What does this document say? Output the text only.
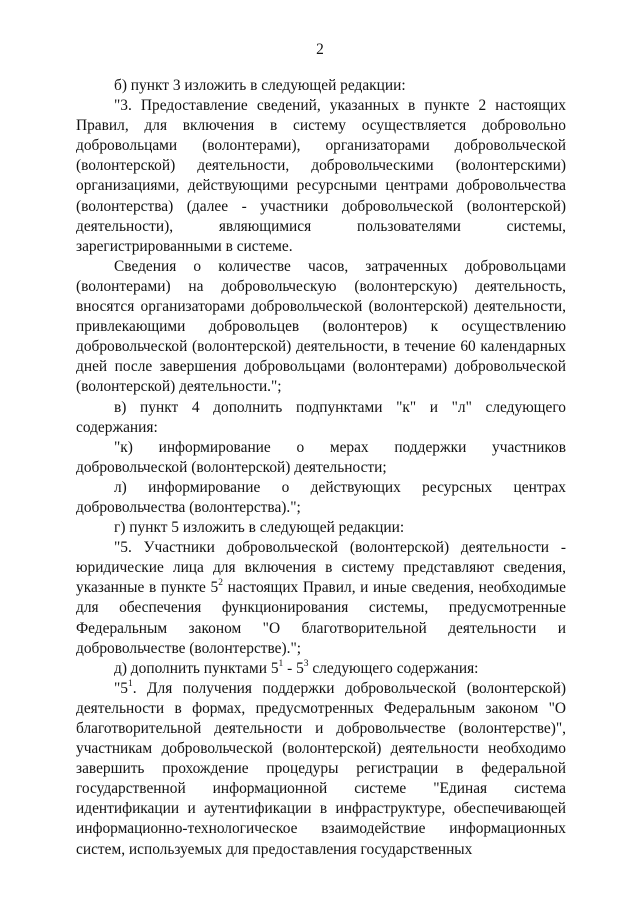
2

б) пункт 3 изложить в следующей редакции:

"3. Предоставление сведений, указанных в пункте 2 настоящих Правил, для включения в систему осуществляется добровольно добровольцами (волонтерами), организаторами добровольческой (волонтерской) деятельности, добровольческими (волонтерскими) организациями, действующими ресурсными центрами добровольчества (волонтерства) (далее - участники добровольческой (волонтерской) деятельности), являющимися пользователями системы, зарегистрированными в системе.

Сведения о количестве часов, затраченных добровольцами (волонтерами) на добровольческую (волонтерскую) деятельность, вносятся организаторами добровольческой (волонтерской) деятельности, привлекающими добровольцев (волонтеров) к осуществлению добровольческой (волонтерской) деятельности, в течение 60 календарных дней после завершения добровольцами (волонтерами) добровольческой (волонтерской) деятельности.";

в) пункт 4 дополнить подпунктами "к" и "л" следующего содержания:

"к) информирование о мерах поддержки участников добровольческой (волонтерской) деятельности;

л) информирование о действующих ресурсных центрах добровольчества (волонтерства).";

г) пункт 5 изложить в следующей редакции:

"5. Участники добровольческой (волонтерской) деятельности - юридические лица для включения в систему представляют сведения, указанные в пункте $5^2$ настоящих Правил, и иные сведения, необходимые для обеспечения функционирования системы, предусмотренные Федеральным законом "О благотворительной деятельности и добровольчестве (волонтерстве).";

д) дополнить пунктами $5^1 - 5^3$ следующего содержания:

"$5^1$. Для получения поддержки добровольческой (волонтерской) деятельности в формах, предусмотренных Федеральным законом "О благотворительной деятельности и добровольчестве (волонтерстве)", участникам добровольческой (волонтерской) деятельности необходимо завершить прохождение процедуры регистрации в федеральной государственной информационной системе "Единая система идентификации и аутентификации в инфраструктуре, обеспечивающей информационно-технологическое взаимодействие информационных систем, используемых для предоставления государственных
